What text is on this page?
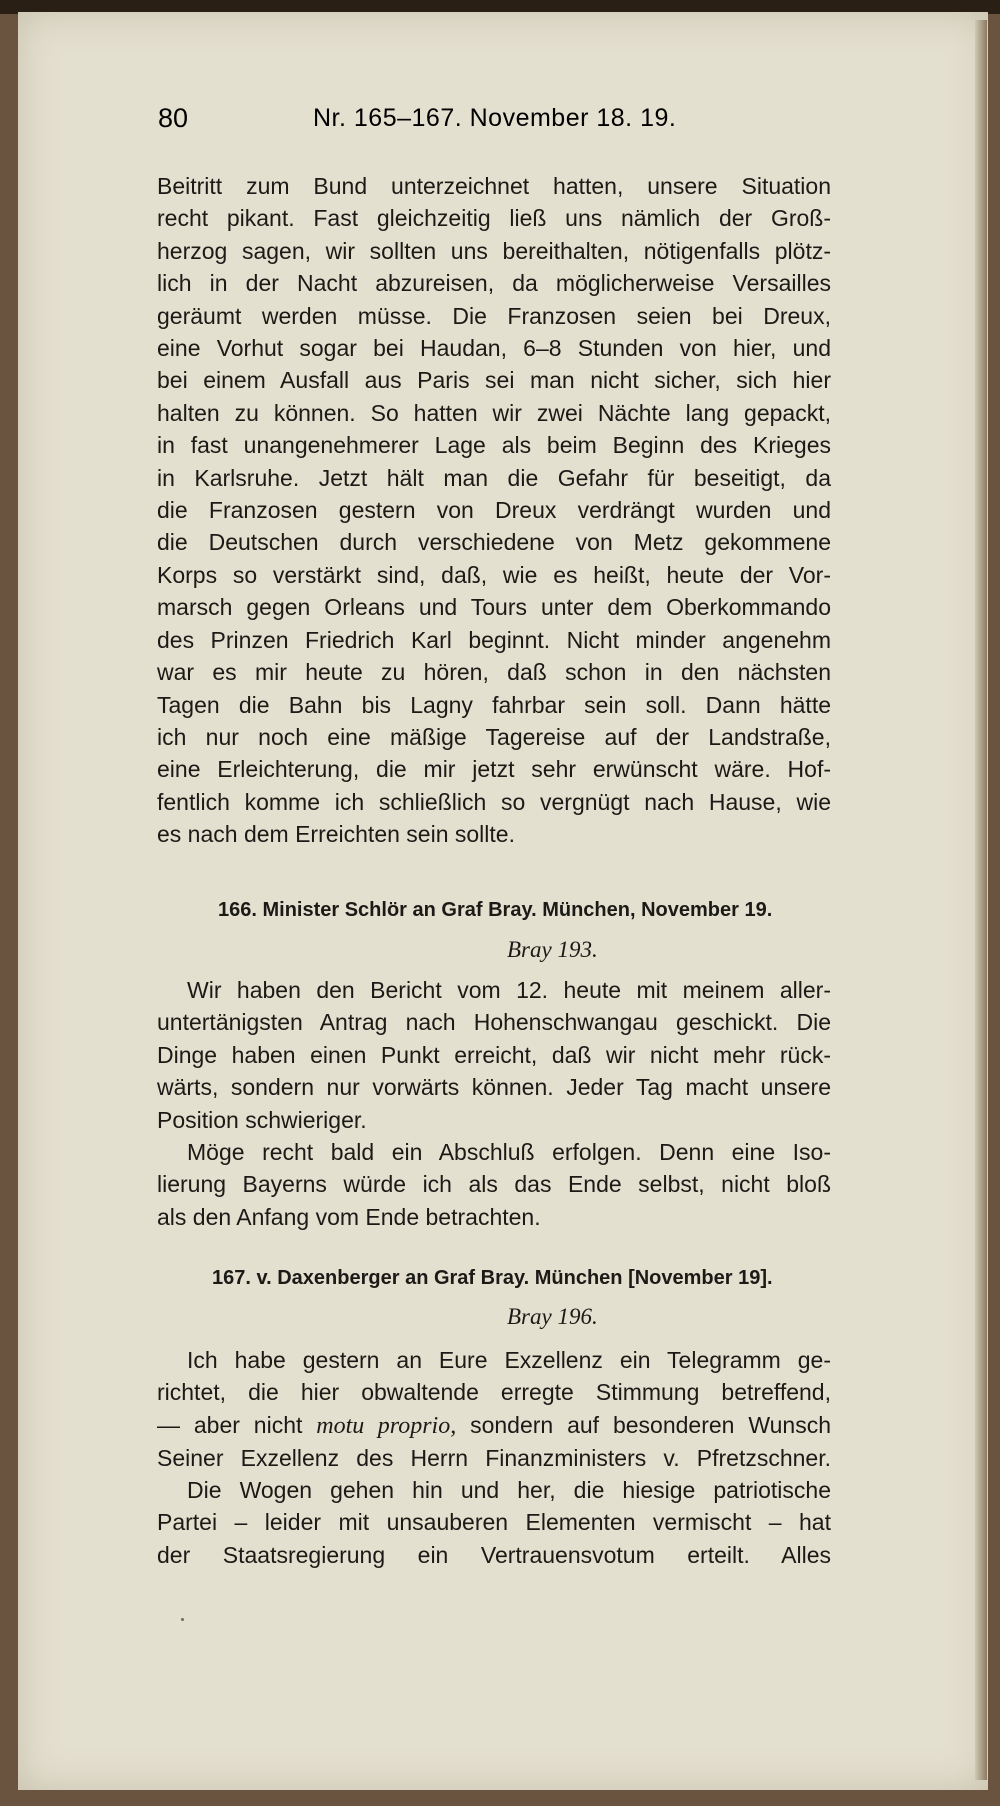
80	Nr. 165–167. November 18. 19.
Beitritt zum Bund unterzeichnet hatten, unsere Situation
recht pikant. Fast gleichzeitig ließ uns nämlich der Groß-
herzog sagen, wir sollten uns bereithalten, nötigenfalls plötz-
lich in der Nacht abzureisen, da möglicherweise Versailles
geräumt werden müsse. Die Franzosen seien bei Dreux,
eine Vorhut sogar bei Haudan, 6–8 Stunden von hier, und
bei einem Ausfall aus Paris sei man nicht sicher, sich hier
halten zu können. So hatten wir zwei Nächte lang gepackt,
in fast unangenehmerer Lage als beim Beginn des Krieges
in Karlsruhe. Jetzt hält man die Gefahr für beseitigt, da
die Franzosen gestern von Dreux verdrängt wurden und
die Deutschen durch verschiedene von Metz gekommene
Korps so verstärkt sind, daß, wie es heißt, heute der Vor-
marsch gegen Orleans und Tours unter dem Oberkommando
des Prinzen Friedrich Karl beginnt. Nicht minder angenehm
war es mir heute zu hören, daß schon in den nächsten
Tagen die Bahn bis Lagny fahrbar sein soll. Dann hätte
ich nur noch eine mäßige Tagereise auf der Landstraße,
eine Erleichterung, die mir jetzt sehr erwünscht wäre. Hof-
fentlich komme ich schließlich so vergnügt nach Hause, wie
es nach dem Erreichten sein sollte.
166. Minister Schlör an Graf Bray. München, November 19.
Bray 193.
Wir haben den Bericht vom 12. heute mit meinem aller-
untertänigsten Antrag nach Hohenschwangau geschickt. Die
Dinge haben einen Punkt erreicht, daß wir nicht mehr rück-
wärts, sondern nur vorwärts können. Jeder Tag macht unsere
Position schwieriger.
Möge recht bald ein Abschluß erfolgen. Denn eine Iso-
lierung Bayerns würde ich als das Ende selbst, nicht bloß
als den Anfang vom Ende betrachten.
167. v. Daxenberger an Graf Bray. München [November 19].
Bray 196.
Ich habe gestern an Eure Exzellenz ein Telegramm ge-
richtet, die hier obwaltende erregte Stimmung betreffend,
— aber nicht motu proprio, sondern auf besonderen Wunsch
Seiner Exzellenz des Herrn Finanzministers v. Pfretzschner.
Die Wogen gehen hin und her, die hiesige patriotische
Partei – leider mit unsauberen Elementen vermischt – hat
der Staatsregierung ein Vertrauensvotum erteilt. Alles
